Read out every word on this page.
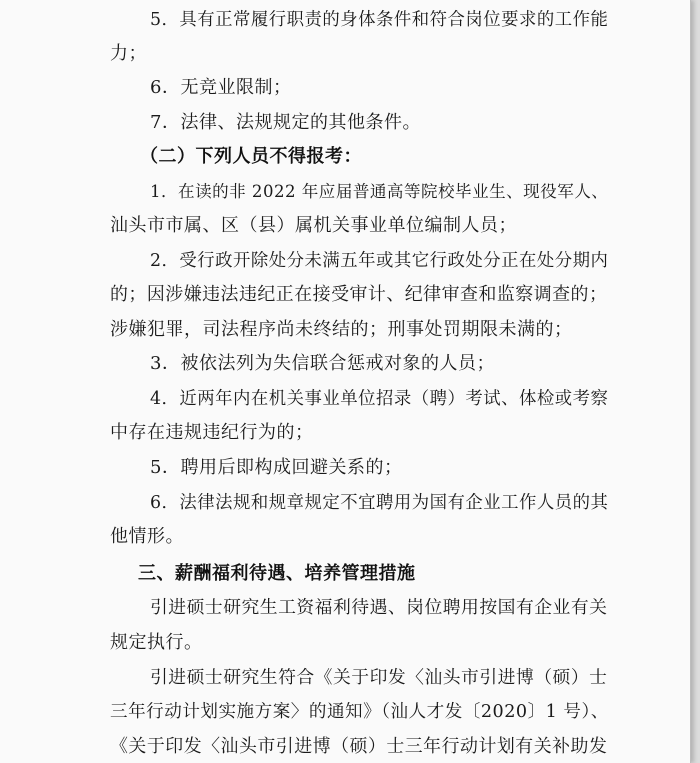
5．具有正常履行职责的身体条件和符合岗位要求的工作能
力；
6．无竞业限制；
7．法律、法规规定的其他条件。
（二）下列人员不得报考：
1．在读的非 2022 年应届普通高等院校毕业生、现役军人、
汕头市市属、区（县）属机关事业单位编制人员；
2．受行政开除处分未满五年或其它行政处分正在处分期内
的；因涉嫌违法违纪正在接受审计、纪律审查和监察调查的；
涉嫌犯罪，司法程序尚未终结的；刑事处罚期限未满的；
3．被依法列为失信联合惩戒对象的人员；
4．近两年内在机关事业单位招录（聘）考试、体检或考察
中存在违规违纪行为的；
5．聘用后即构成回避关系的；
6．法律法规和规章规定不宜聘用为国有企业工作人员的其
他情形。
三、薪酬福利待遇、培养管理措施
引进硕士研究生工资福利待遇、岗位聘用按国有企业有关
规定执行。
引进硕士研究生符合《关于印发〈汕头市引进博（硕）士
三年行动计划实施方案〉的通知》（汕人才发〔2020〕1 号）、
《关于印发〈汕头市引进博（硕）士三年行动计划有关补助发
